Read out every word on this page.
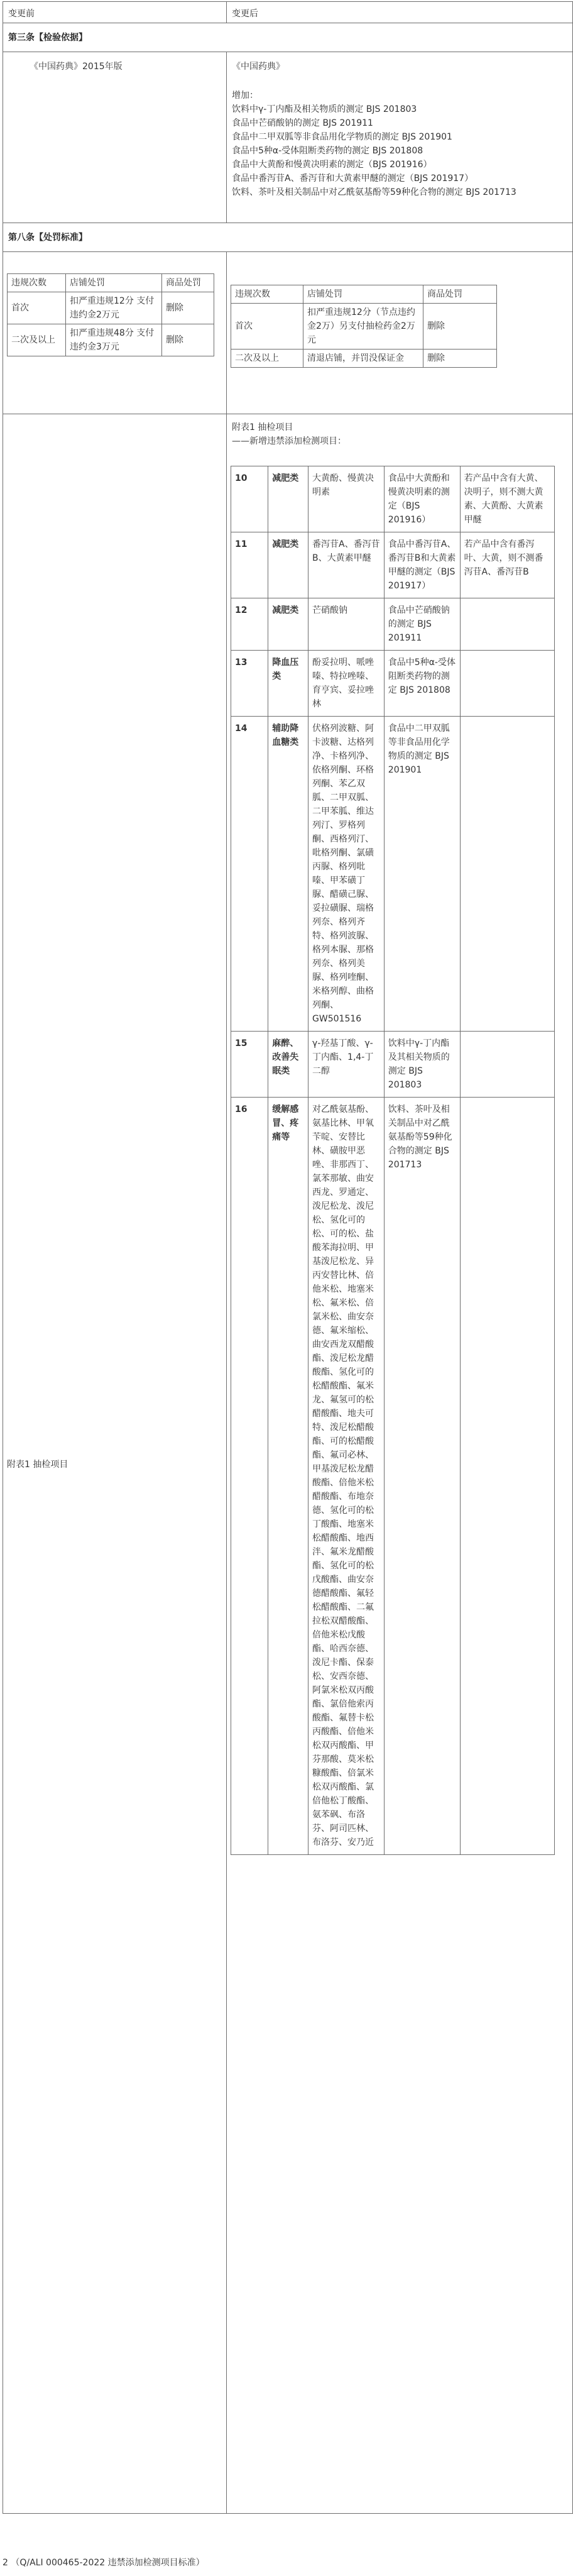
变更前	变更后
第三条【检验依据】
《中国药典》2015年版	《中国药典》
增加：
饮料中γ-丁内酯及相关物质的测定 BJS 201803
食品中芒硝酸钠的测定 BJS 201911
食品中二甲双胍等非食品用化学物质的测定 BJS 201901
食品中5种α-受体阻断类药物的测定 BJS 201808
食品中大黄酚和慢黄决明素的测定（BJS 201916）
食品中番泻苷A、番泻苷和大黄素甲醚的测定（BJS 201917）
饮料、茶叶及相关制品中对乙酰氨基酚等59种化合物的测定 BJS 201713
第八条【处罚标准】
违规次数	店铺处罚	商品处罚
首次	扣严重违规12分 支付违约金2万元	删除
二次及以上	扣严重违规48分 支付违约金3万元	删除
违规次数	店铺处罚	商品处罚
首次	扣严重违规12分（节点违约金2万）另支付抽检药金2万元	删除
二次及以上	清退店铺，并罚没保证金	删除
附表1 抽检项目
附表1 抽检项目
——新增违禁添加检测项目：
10	减肥类	大黄酚、慢黄决明素	食品中大黄酚和慢黄决明素的测定（BJS 201916）	若产品中含有大黄、决明子，则不测大黄素、大黄酚、大黄素甲醚
11	减肥类	番泻苷A、番泻苷B、大黄素甲醚	食品中番泻苷A、番泻苷B和大黄素甲醚的测定（BJS 201917）	若产品中含有番泻叶、大黄，则不测番泻苷A、番泻苷B
12	减肥类	芒硝酸钠	食品中芒硝酸钠的测定 BJS 201911	
13	降血压类	酚妥拉明、哌唑嗪、特拉唑嗪、育亨宾、妥拉唑林	食品中5种α-受体阻断类药物的测定 BJS 201808	
14	辅助降血糖类	伏格列波糖、阿卡波糖、达格列净、卡格列净、依格列酮、环格列酮、苯乙双胍、二甲双胍、二甲苯胍、维达列汀、罗格列酮、西格列汀、吡格列酮、氯磺丙脲、格列吡嗪、甲苯磺丁脲、醋磺己脲、妥拉磺脲、瑞格列奈、格列齐特、格列波脲、格列本脲、那格列奈、格列美脲、格列喹酮、米格列醇、曲格列酮、GW501516	食品中二甲双胍等非食品用化学物质的测定 BJS 201901	
15	麻醉、改善失眠类	γ-羟基丁酸、γ-丁内酯、1,4-丁二醇	饮料中γ-丁内酯及其相关物质的测定 BJS 201803	
16	缓解感冒、疼痛等	对乙酰氨基酚、氨基比林、甲氧苄啶、安替比林、磺胺甲恶唑、非那西丁、氯苯那敏、曲安西龙、罗通定、泼尼松龙、泼尼松、氢化可的松、可的松、盐酸苯海拉明、甲基泼尼松龙、异丙安替比林、倍他米松、地塞米松、氟米松、倍氯米松、曲安奈德、氟米缩松、曲安西龙双醋酸酯、泼尼松龙醋酸酯、氢化可的松醋酸酯、氟米龙、氟氢可的松醋酸酯、地夫可特、泼尼松醋酸酯、可的松醋酸酯、氟司必林、甲基泼尼松龙醋酸酯、倍他米松醋酸酯、布地奈德、氢化可的松丁酸酯、地塞米松醋酸酯、地西泮、氟米龙醋酸酯、氢化可的松戊酸酯、曲安奈德醋酸酯、氟轻松醋酸酯、二氟拉松双醋酸酯、倍他米松戊酸酯、哈西奈德、泼尼卡酯、保泰松、安西奈德、阿氯米松双丙酸酯、氯倍他索丙酸酯、氟替卡松丙酸酯、倍他米松双丙酸酯、甲芬那酸、莫米松糠酸酯、倍氯米松双丙酸酯、氯倍他松丁酸酯、氨苯砜、布洛芬、阿司匹林、布洛芬、安乃近	饮料、茶叶及相关制品中对乙酰氨基酚等59种化合物的测定 BJS 201713	
2 （Q/ALI 000465-2022 违禁添加检测项目标准）
